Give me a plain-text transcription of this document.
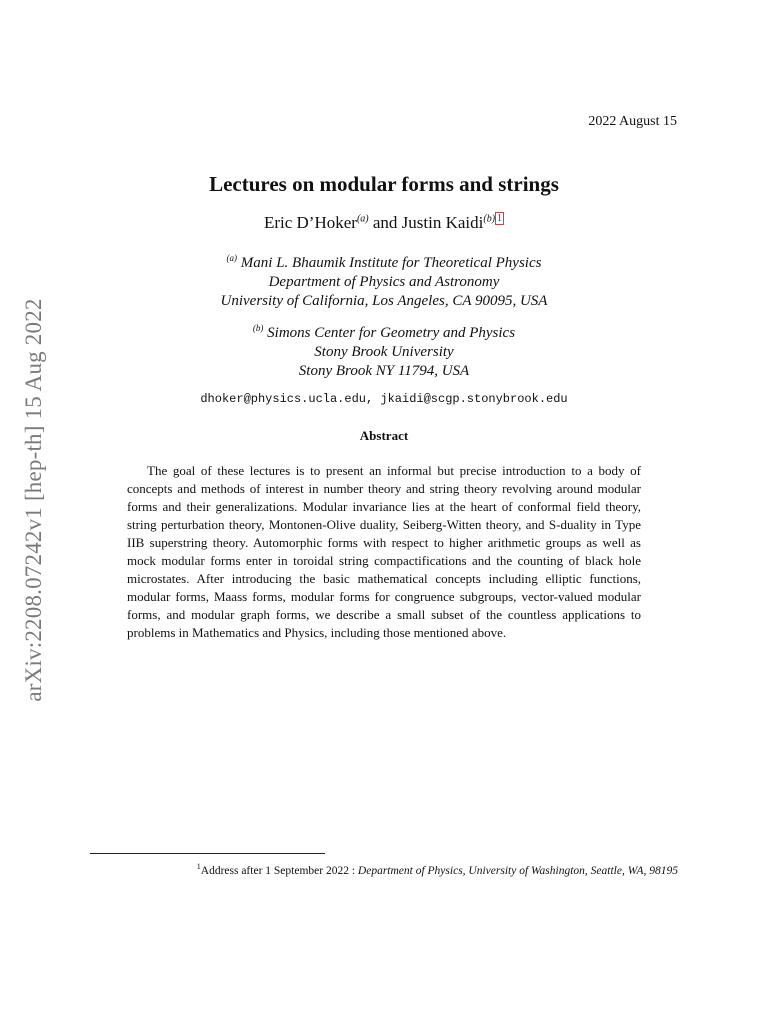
arXiv:2208.07242v1 [hep-th] 15 Aug 2022
2022 August 15
Lectures on modular forms and strings
Eric D’Hoker$^{(a)}$ and Justin Kaidi$^{(b)}$ $^1$
$^{(a)}$ Mani L. Bhaumik Institute for Theoretical Physics
Department of Physics and Astronomy
University of California, Los Angeles, CA 90095, USA
$^{(b)}$ Simons Center for Geometry and Physics
Stony Brook University
Stony Brook NY 11794, USA
dhoker@physics.ucla.edu, jkaidi@scgp.stonybrook.edu
Abstract
The goal of these lectures is to present an informal but precise introduction to a body of concepts and methods of interest in number theory and string theory revolving around modular forms and their generalizations. Modular invariance lies at the heart of conformal field theory, string perturbation theory, Montonen-Olive duality, Seiberg-Witten theory, and S-duality in Type IIB superstring theory. Automorphic forms with respect to higher arithmetic groups as well as mock modular forms enter in toroidal string compactifications and the counting of black hole microstates. After introducing the basic mathematical concepts including elliptic functions, modular forms, Maass forms, modular forms for congruence subgroups, vector-valued modular forms, and modular graph forms, we describe a small subset of the countless applications to problems in Mathematics and Physics, including those mentioned above.
$^1$Address after 1 September 2022 : Department of Physics, University of Washington, Seattle, WA, 98195
